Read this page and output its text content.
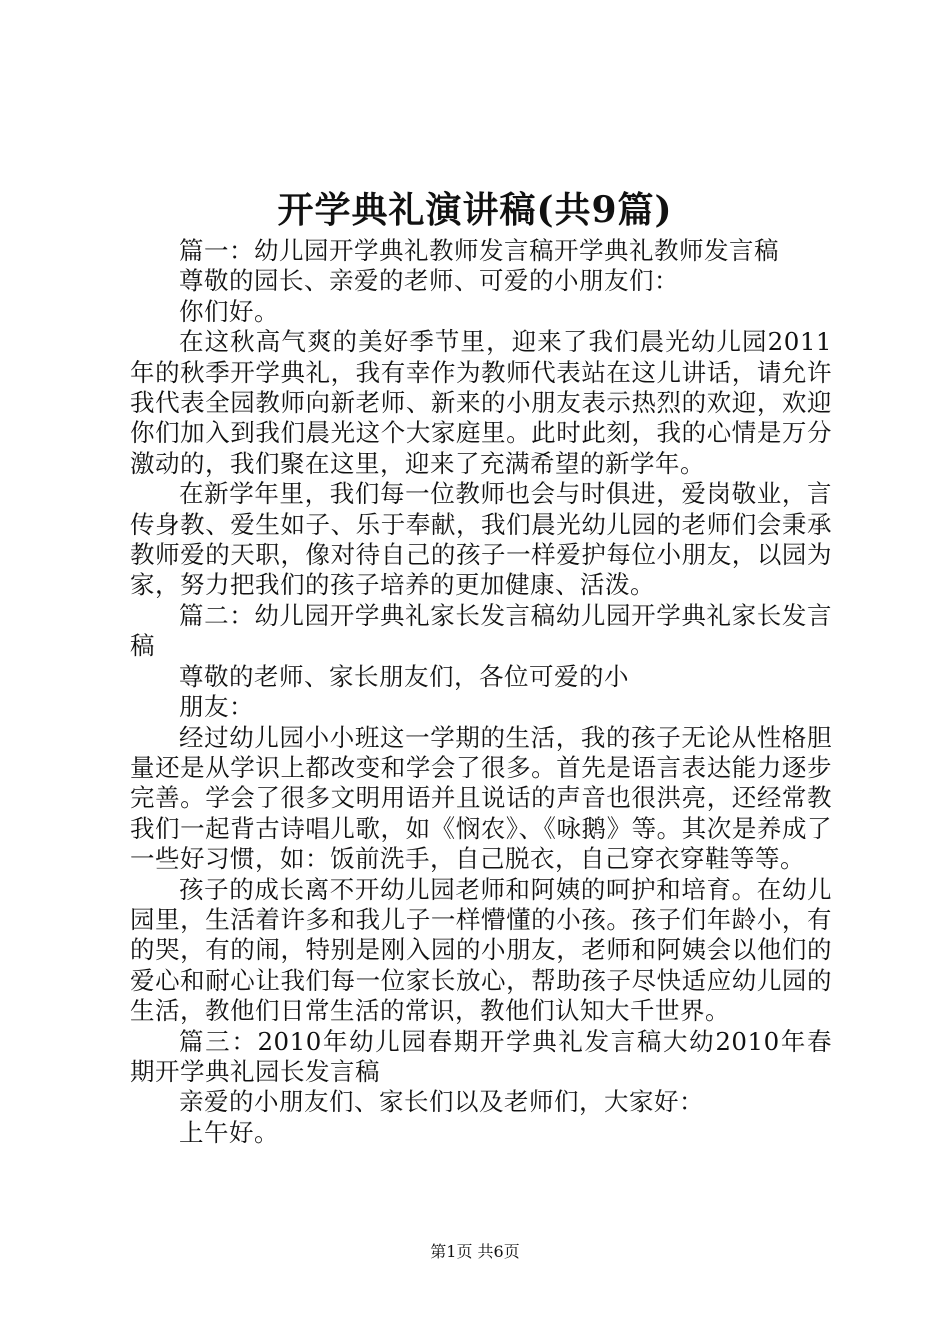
开学典礼演讲稿(共9篇)

篇一：幼儿园开学典礼教师发言稿开学典礼教师发言稿

尊敬的园长、亲爱的老师、可爱的小朋友们：

你们好。

在这秋高气爽的美好季节里，迎来了我们晨光幼儿园2011年的秋季开学典礼，我有幸作为教师代表站在这儿讲话，请允许我代表全园教师向新老师、新来的小朋友表示热烈的欢迎，欢迎你们加入到我们晨光这个大家庭里。此时此刻，我的心情是万分激动的，我们聚在这里，迎来了充满希望的新学年。

在新学年里，我们每一位教师也会与时俱进，爱岗敬业，言传身教、爱生如子、乐于奉献，我们晨光幼儿园的老师们会秉承教师爱的天职，像对待自己的孩子一样爱护每位小朋友，以园为家，努力把我们的孩子培养的更加健康、活泼。

篇二：幼儿园开学典礼家长发言稿幼儿园开学典礼家长发言稿

尊敬的老师、家长朋友们，各位可爱的小

朋友：

经过幼儿园小小班这一学期的生活，我的孩子无论从性格胆量还是从学识上都改变和学会了很多。首先是语言表达能力逐步完善。学会了很多文明用语并且说话的声音也很洪亮，还经常教我们一起背古诗唱儿歌，如《悯农》、《咏鹅》等。其次是养成了一些好习惯，如：饭前洗手，自己脱衣，自己穿衣穿鞋等等。

孩子的成长离不开幼儿园老师和阿姨的呵护和培育。在幼儿园里，生活着许多和我儿子一样懵懂的小孩。孩子们年龄小，有的哭，有的闹，特别是刚入园的小朋友，老师和阿姨会以他们的爱心和耐心让我们每一位家长放心，帮助孩子尽快适应幼儿园的生活，教他们日常生活的常识，教他们认知大千世界。

篇三：2010年幼儿园春期开学典礼发言稿大幼2010年春期开学典礼园长发言稿

亲爱的小朋友们、家长们以及老师们，大家好：

上午好。

第1页 共6页
